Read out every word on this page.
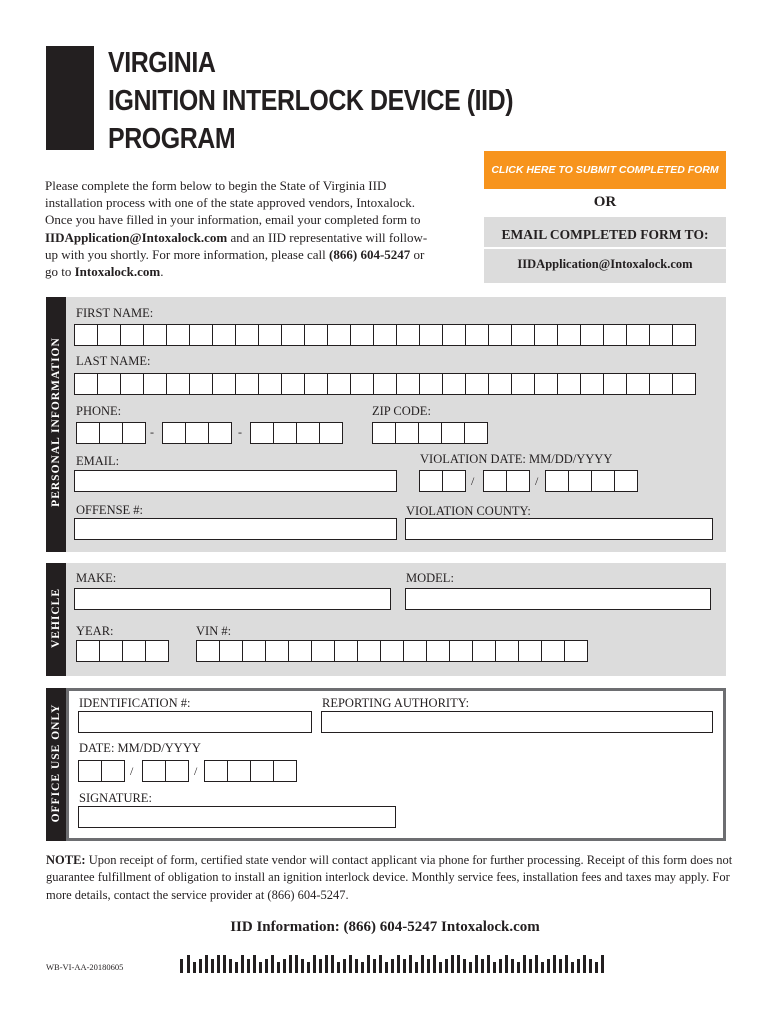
VIRGINIA
IGNITION INTERLOCK DEVICE (IID)
PROGRAM
Please complete the form below to begin the State of Virginia IID installation process with one of the state approved vendors, Intoxalock. Once you have filled in your information, email your completed form to IIDApplication@Intoxalock.com and an IID representative will follow-up with you shortly. For more information, please call (866) 604-5247 or go to Intoxalock.com.
CLICK HERE TO SUBMIT COMPLETED FORM
OR
EMAIL COMPLETED FORM TO:
IIDApplication@Intoxalock.com
PERSONAL INFORMATION
FIRST NAME:
LAST NAME:
PHONE:
-	-
ZIP CODE:
EMAIL:	VIOLATION DATE: MM/DD/YYYY
/	/
OFFENSE #:	VIOLATION COUNTY:
VEHICLE
MAKE:	MODEL:
YEAR:	VIN #:
OFFICE USE ONLY
IDENTIFICATION #:	REPORTING AUTHORITY:
DATE: MM/DD/YYYY
/	/
SIGNATURE:
NOTE: Upon receipt of form, certified state vendor will contact applicant via phone for further processing. Receipt of this form does not guarantee fulfillment of obligation to install an ignition interlock device. Monthly service fees, installation fees and taxes may apply. For more details, contact the service provider at (866) 604-5247.
IID Information: (866) 604-5247 Intoxalock.com
WB-VI-AA-20180605
